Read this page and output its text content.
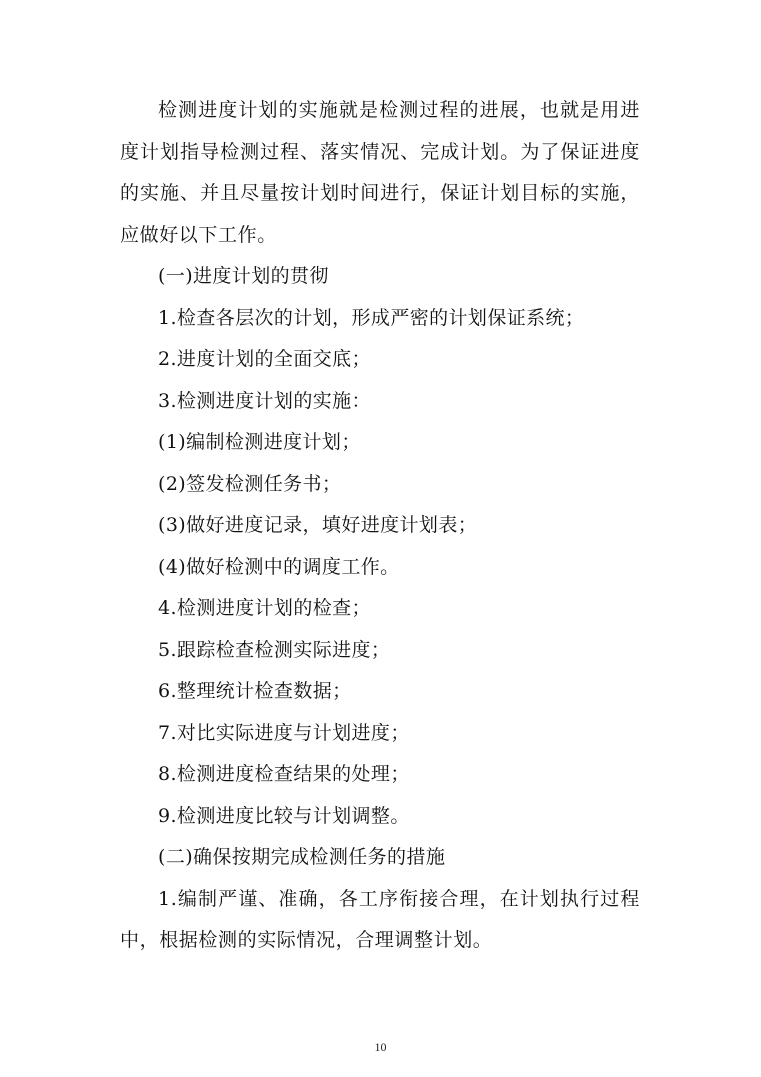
检测进度计划的实施就是检测过程的进展，也就是用进度计划指导检测过程、落实情况、完成计划。为了保证进度的实施、并且尽量按计划时间进行，保证计划目标的实施，应做好以下工作。

(一)进度计划的贯彻

1.检查各层次的计划，形成严密的计划保证系统；

2.进度计划的全面交底；

3.检测进度计划的实施：

(1)编制检测进度计划；

(2)签发检测任务书；

(3)做好进度记录，填好进度计划表；

(4)做好检测中的调度工作。

4.检测进度计划的检查；

5.跟踪检查检测实际进度；

6.整理统计检查数据；

7.对比实际进度与计划进度；

8.检测进度检查结果的处理；

9.检测进度比较与计划调整。

(二)确保按期完成检测任务的措施

1.编制严谨、准确，各工序衔接合理，在计划执行过程中，根据检测的实际情况，合理调整计划。

10
